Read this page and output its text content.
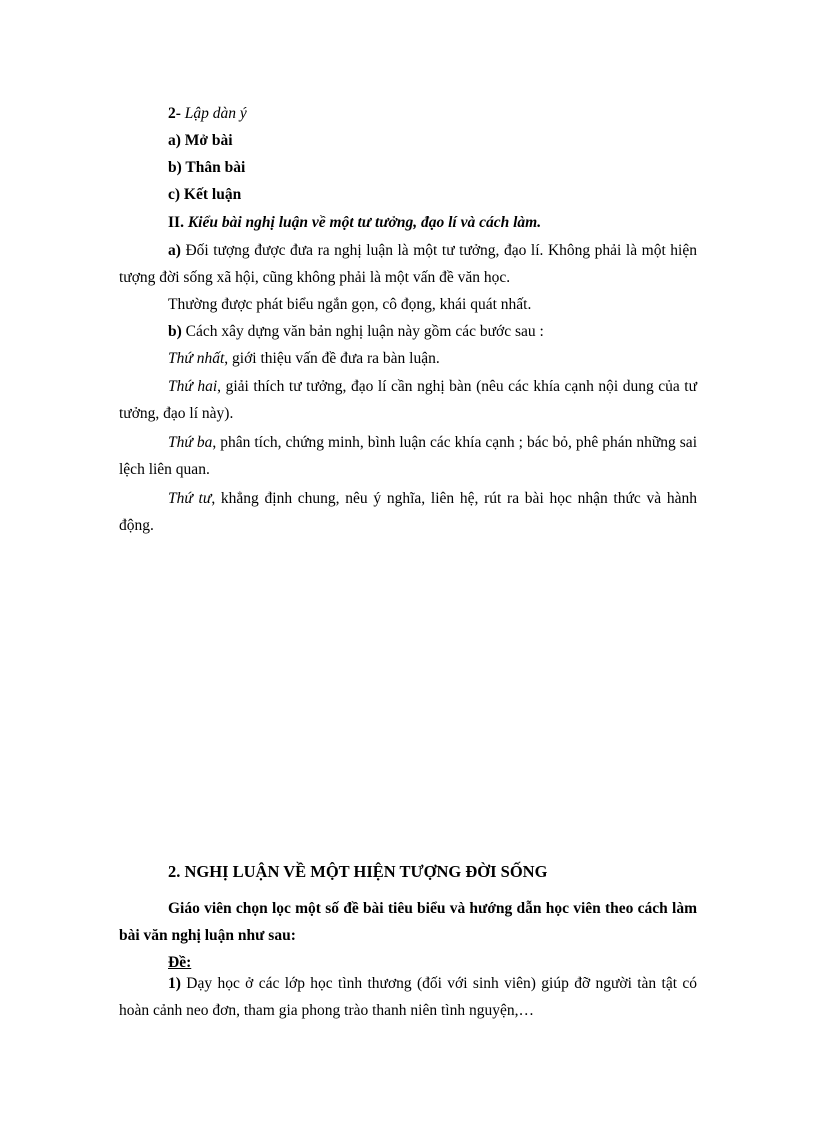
2- Lập dàn ý
a) Mở bài
b) Thân bài
c) Kết luận
II. Kiểu bài nghị luận về một tư tưởng, đạo lí và cách làm.
a) Đối tượng được đưa ra nghị luận là một tư tưởng, đạo lí. Không phải là một hiện tượng đời sống xã hội, cũng không phải là một vấn đề văn học.
Thường được phát biểu ngắn gọn, cô đọng, khái quát nhất.
b) Cách xây dựng văn bản nghị luận này gồm các bước sau :
Thứ nhất, giới thiệu vấn đề đưa ra bàn luận.
Thứ hai, giải thích tư tưởng, đạo lí cần nghị bàn (nêu các khía cạnh nội dung của tư tưởng, đạo lí này).
Thứ ba, phân tích, chứng minh, bình luận các khía cạnh ; bác bỏ, phê phán những sai lệch liên quan.
Thứ tư, khẳng định chung, nêu ý nghĩa, liên hệ, rút ra bài học nhận thức và hành động.
2. NGHỊ LUẬN VỀ MỘT HIỆN TƯỢNG ĐỜI SỐNG
Giáo viên chọn lọc một số đề bài tiêu biểu và hướng dẫn học viên theo cách làm bài văn nghị luận như sau:
Đề:
1) Dạy học ở các lớp học tình thương (đối với sinh viên) giúp đỡ người tàn tật có hoàn cảnh neo đơn, tham gia phong trào thanh niên tình nguyện,…
